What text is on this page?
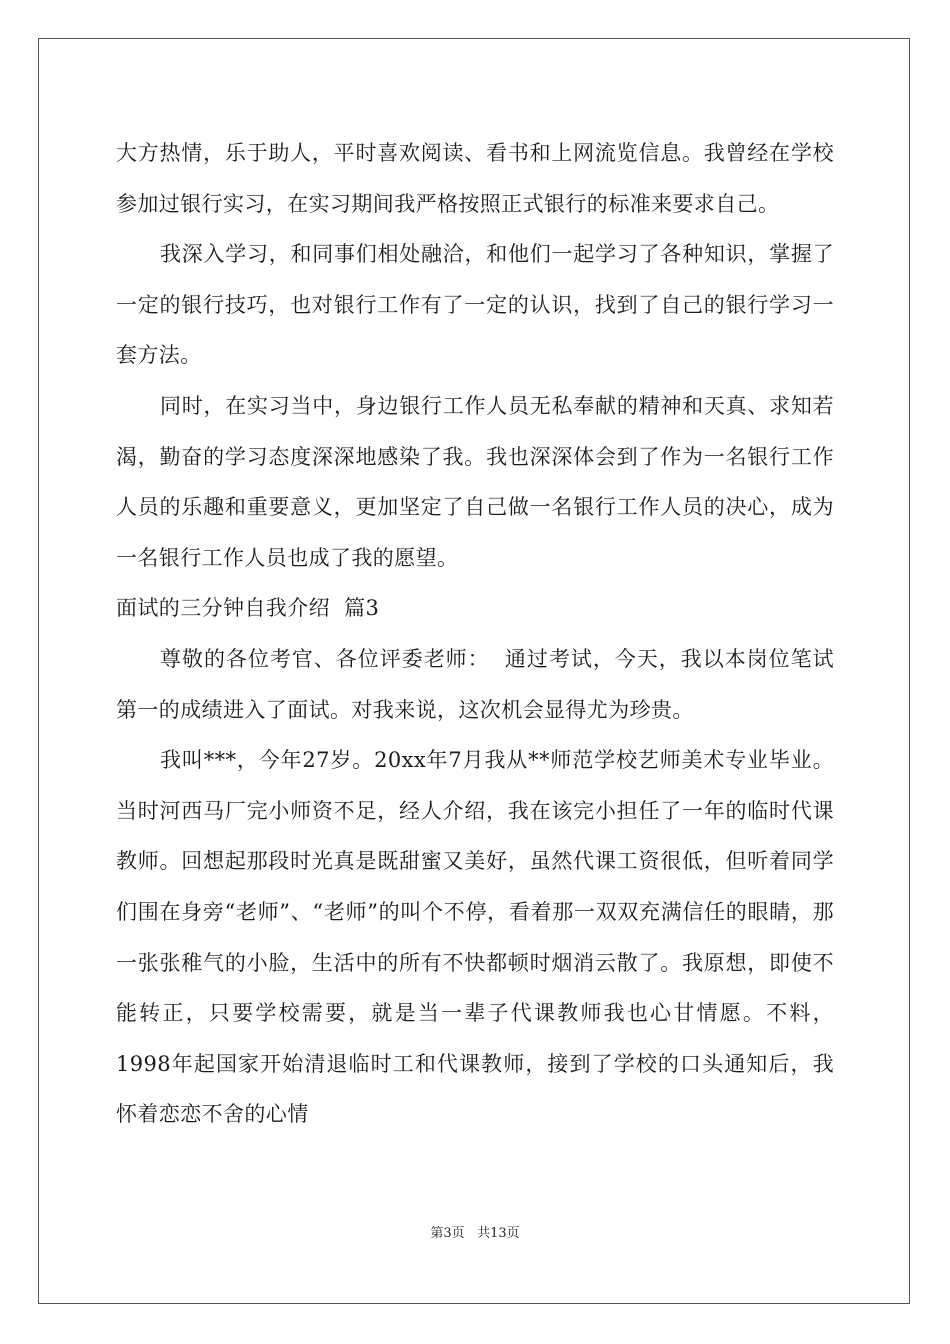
大方热情，乐于助人，平时喜欢阅读、看书和上网流览信息。我曾经在学校参加过银行实习，在实习期间我严格按照正式银行的标准来要求自己。

我深入学习，和同事们相处融洽，和他们一起学习了各种知识，掌握了一定的银行技巧，也对银行工作有了一定的认识，找到了自己的银行学习一套方法。

同时，在实习当中，身边银行工作人员无私奉献的精神和天真、求知若渴，勤奋的学习态度深深地感染了我。我也深深体会到了作为一名银行工作人员的乐趣和重要意义，更加坚定了自己做一名银行工作人员的决心，成为一名银行工作人员也成了我的愿望。

面试的三分钟自我介绍  篇3

尊敬的各位考官、各位评委老师：  通过考试，今天，我以本岗位笔试第一的成绩进入了面试。对我来说，这次机会显得尤为珍贵。

我叫***，今年27岁。20xx年7月我从**师范学校艺师美术专业毕业。当时河西马厂完小师资不足，经人介绍，我在该完小担任了一年的临时代课教师。回想起那段时光真是既甜蜜又美好，虽然代课工资很低，但听着同学们围在身旁“老师”、“老师”的叫个不停，看着那一双双充满信任的眼睛，那一张张稚气的小脸，生活中的所有不快都顿时烟消云散了。我原想，即使不能转正，只要学校需要，就是当一辈子代课教师我也心甘情愿。不料，1998年起国家开始清退临时工和代课教师，接到了学校的口头通知后，我怀着恋恋不舍的心情

第3页 共13页
